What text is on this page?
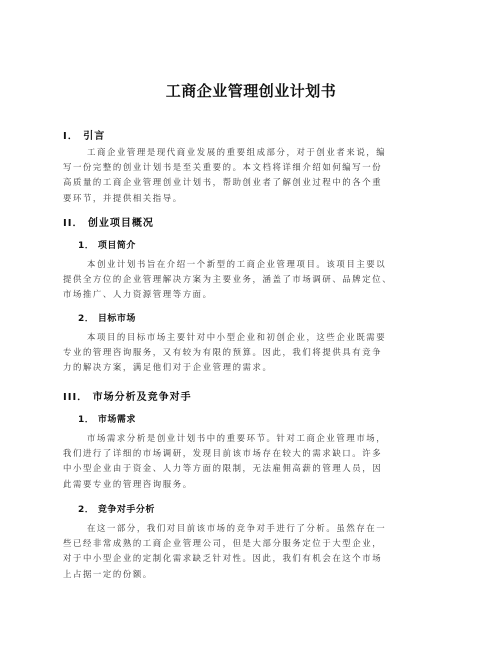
工商企业管理创业计划书
I． 引言
工商企业管理是现代商业发展的重要组成部分，对于创业者来说，编
写一份完整的创业计划书是至关重要的。本文档将详细介绍如何编写一份
高质量的工商企业管理创业计划书，帮助创业者了解创业过程中的各个重
要环节，并提供相关指导。
II． 创业项目概况
1． 项目简介
本创业计划书旨在介绍一个新型的工商企业管理项目。该项目主要以
提供全方位的企业管理解决方案为主要业务，涵盖了市场调研、品牌定位、
市场推广、人力资源管理等方面。
2． 目标市场
本项目的目标市场主要针对中小型企业和初创企业，这些企业既需要
专业的管理咨询服务，又有较为有限的预算。因此，我们将提供具有竞争
力的解决方案，满足他们对于企业管理的需求。
III． 市场分析及竞争对手
1． 市场需求
市场需求分析是创业计划书中的重要环节。针对工商企业管理市场，
我们进行了详细的市场调研，发现目前该市场存在较大的需求缺口。许多
中小型企业由于资金、人力等方面的限制，无法雇佣高薪的管理人员，因
此需要专业的管理咨询服务。
2． 竞争对手分析
在这一部分，我们对目前该市场的竞争对手进行了分析。虽然存在一
些已经非常成熟的工商企业管理公司，但是大部分服务定位于大型企业，
对于中小型企业的定制化需求缺乏针对性。因此，我们有机会在这个市场
上占据一定的份额。
